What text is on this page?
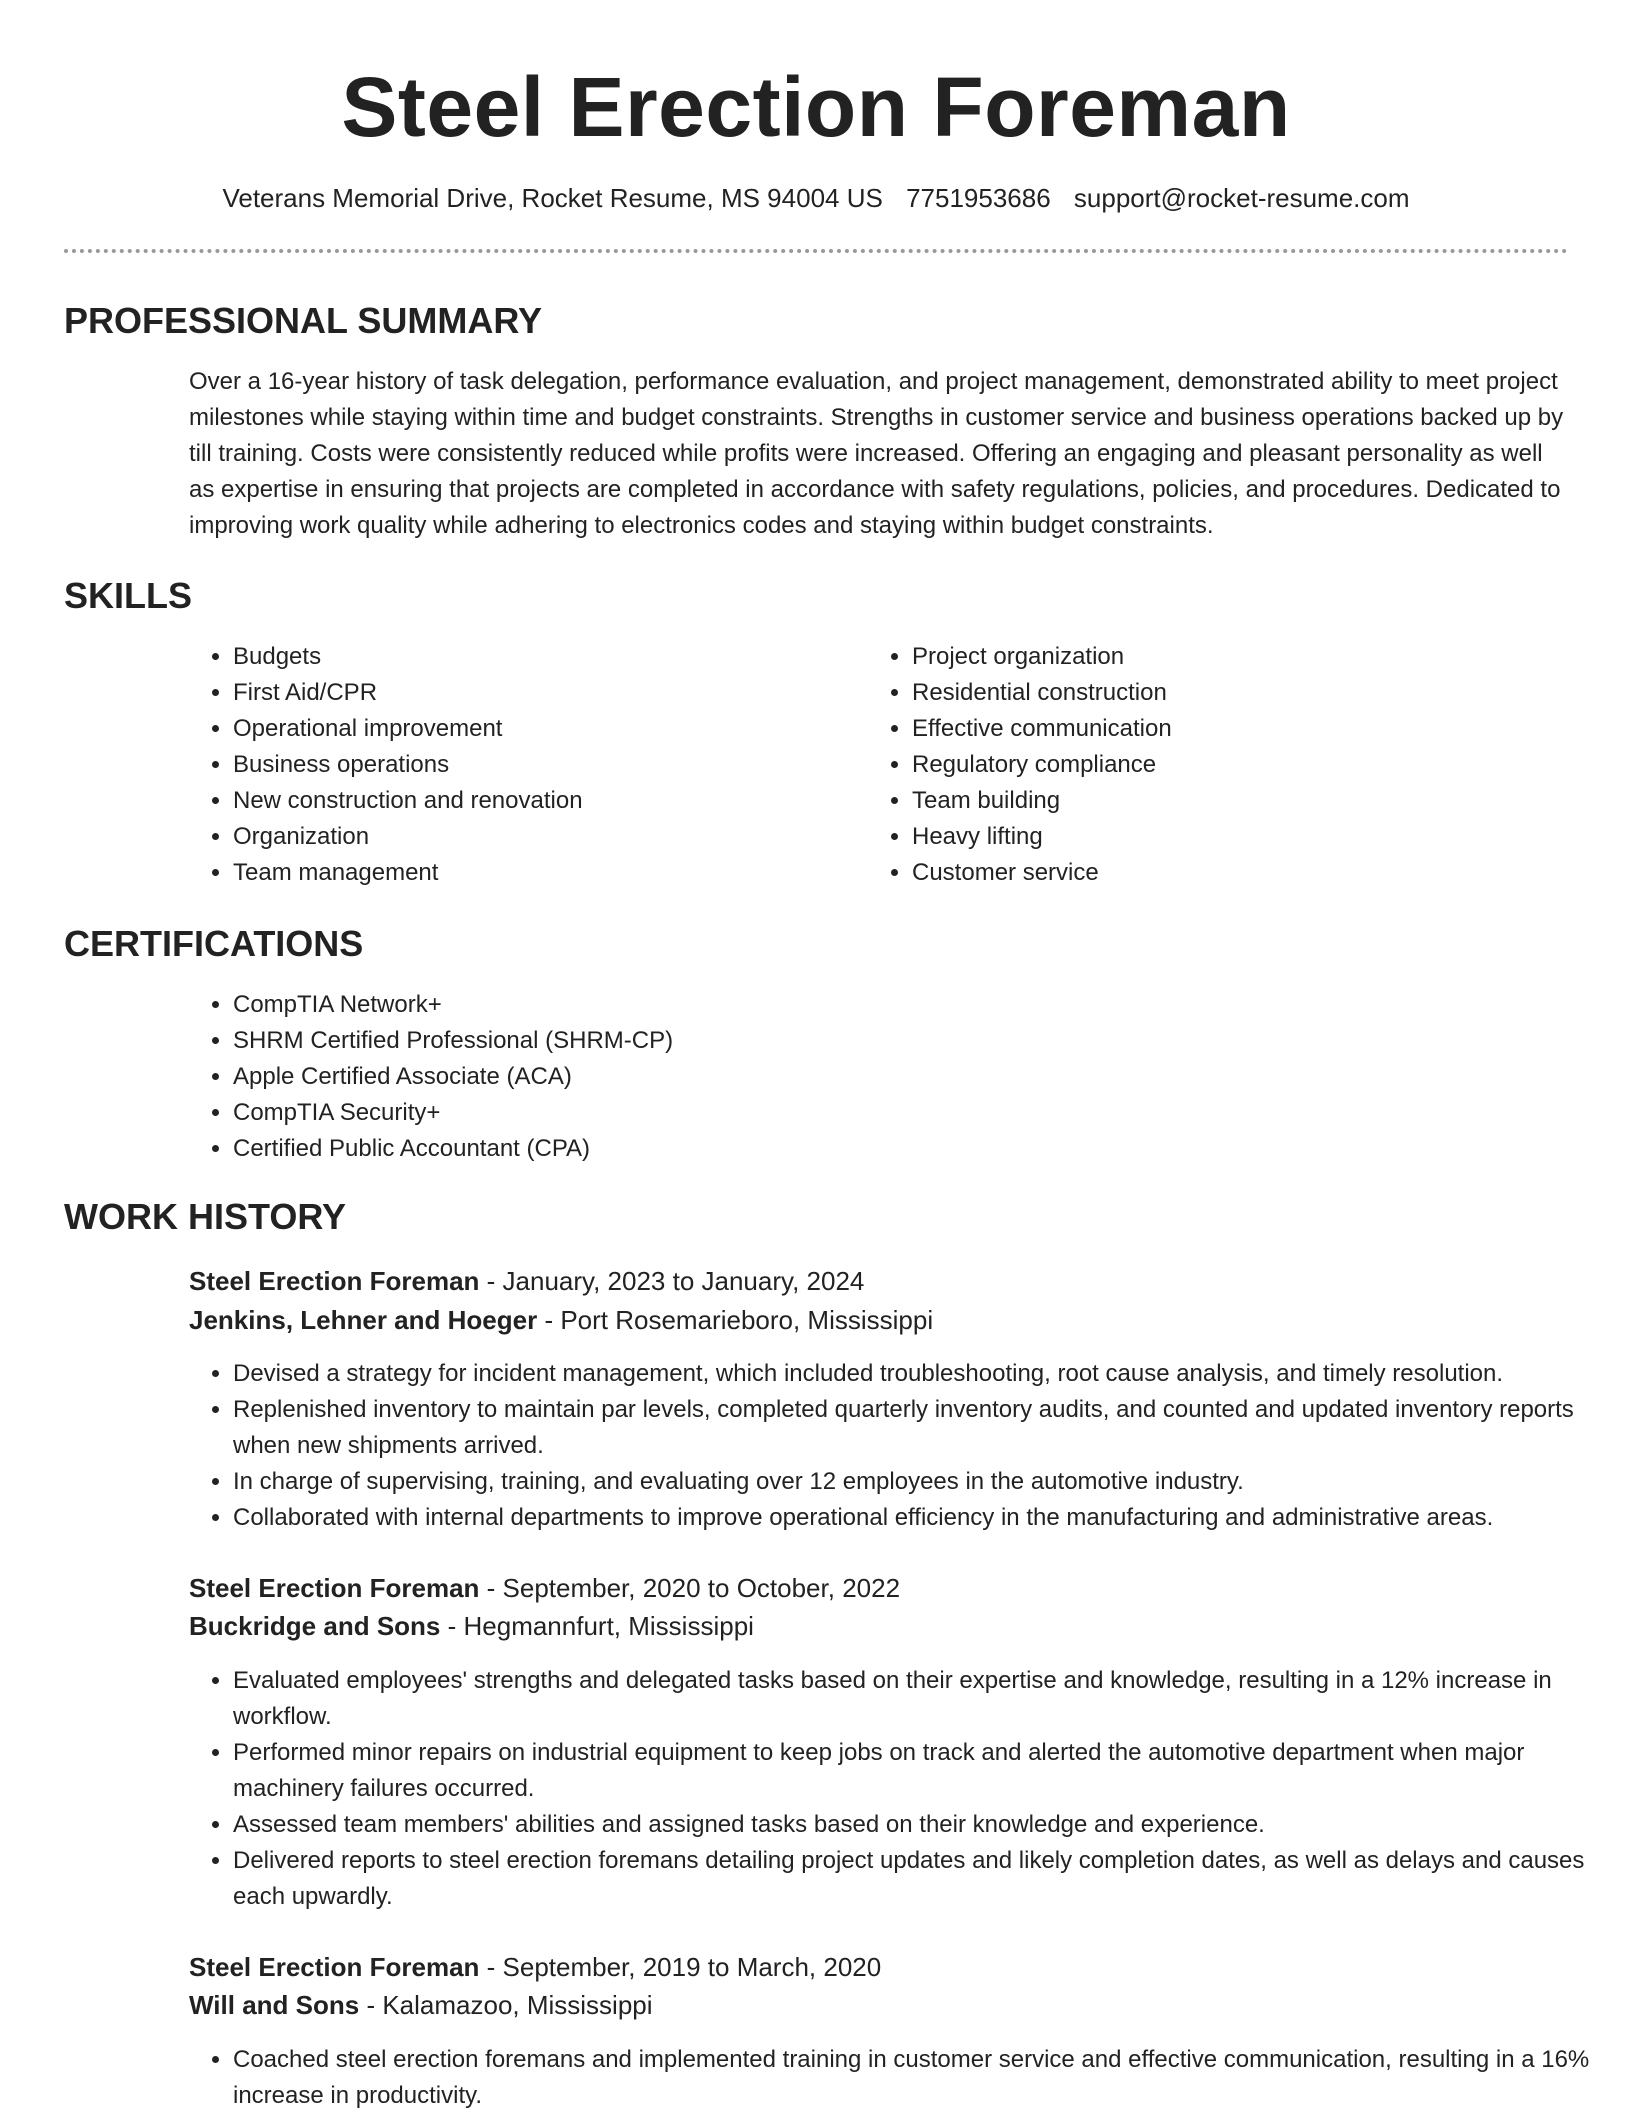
Steel Erection Foreman
Veterans Memorial Drive, Rocket Resume, MS 94004 US 7751953686 support@rocket-resume.com
PROFESSIONAL SUMMARY

Over a 16-year history of task delegation, performance evaluation, and project management, demonstrated ability to meet project milestones while staying within time and budget constraints. Strengths in customer service and business operations backed up by till training. Costs were consistently reduced while profits were increased. Offering an engaging and pleasant personality as well as expertise in ensuring that projects are completed in accordance with safety regulations, policies, and procedures. Dedicated to improving work quality while adhering to electronics codes and staying within budget constraints.

SKILLS
• Budgets
• First Aid/CPR
• Operational improvement
• Business operations
• New construction and renovation
• Organization
• Team management
• Project organization
• Residential construction
• Effective communication
• Regulatory compliance
• Team building
• Heavy lifting
• Customer service
CERTIFICATIONS
• CompTIA Network+
• SHRM Certified Professional (SHRM-CP)
• Apple Certified Associate (ACA)
• CompTIA Security+
• Certified Public Accountant (CPA)
WORK HISTORY
Steel Erection Foreman - January, 2023 to January, 2024
Jenkins, Lehner and Hoeger - Port Rosemarieboro, Mississippi
• Devised a strategy for incident management, which included troubleshooting, root cause analysis, and timely resolution.
• Replenished inventory to maintain par levels, completed quarterly inventory audits, and counted and updated inventory reports when new shipments arrived.
• In charge of supervising, training, and evaluating over 12 employees in the automotive industry.
• Collaborated with internal departments to improve operational efficiency in the manufacturing and administrative areas.
Steel Erection Foreman - September, 2020 to October, 2022
Buckridge and Sons - Hegmannfurt, Mississippi
• Evaluated employees' strengths and delegated tasks based on their expertise and knowledge, resulting in a 12% increase in workflow.
• Performed minor repairs on industrial equipment to keep jobs on track and alerted the automotive department when major machinery failures occurred.
• Assessed team members' abilities and assigned tasks based on their knowledge and experience.
• Delivered reports to steel erection foremans detailing project updates and likely completion dates, as well as delays and causes each upwardly.
Steel Erection Foreman - September, 2019 to March, 2020
Will and Sons - Kalamazoo, Mississippi
• Coached steel erection foremans and implemented training in customer service and effective communication, resulting in a 16% increase in productivity.
